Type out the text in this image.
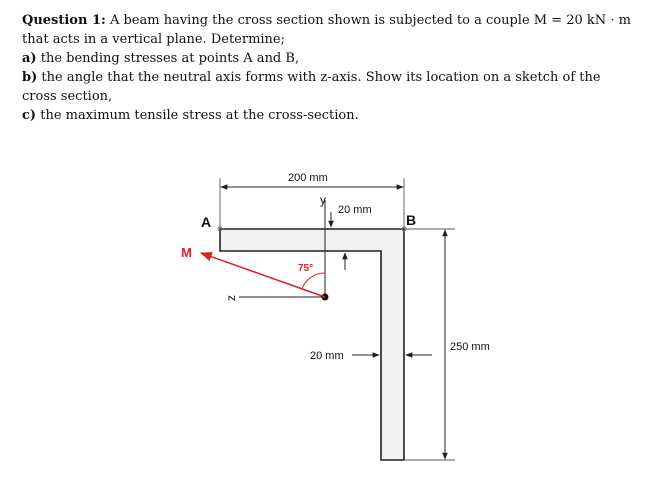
Question 1: A beam having the cross section shown is subjected to a couple M = 20 kN · m that acts in a vertical plane. Determine;

a) the bending stresses at points A and B,

b) the angle that the neutral axis forms with z-axis. Show its location on a sketch of the cross section,

c) the maximum tensile stress at the cross-section.

200 mm
250 mm
20 mm
20 mm
y
z
M
75°
A	B
